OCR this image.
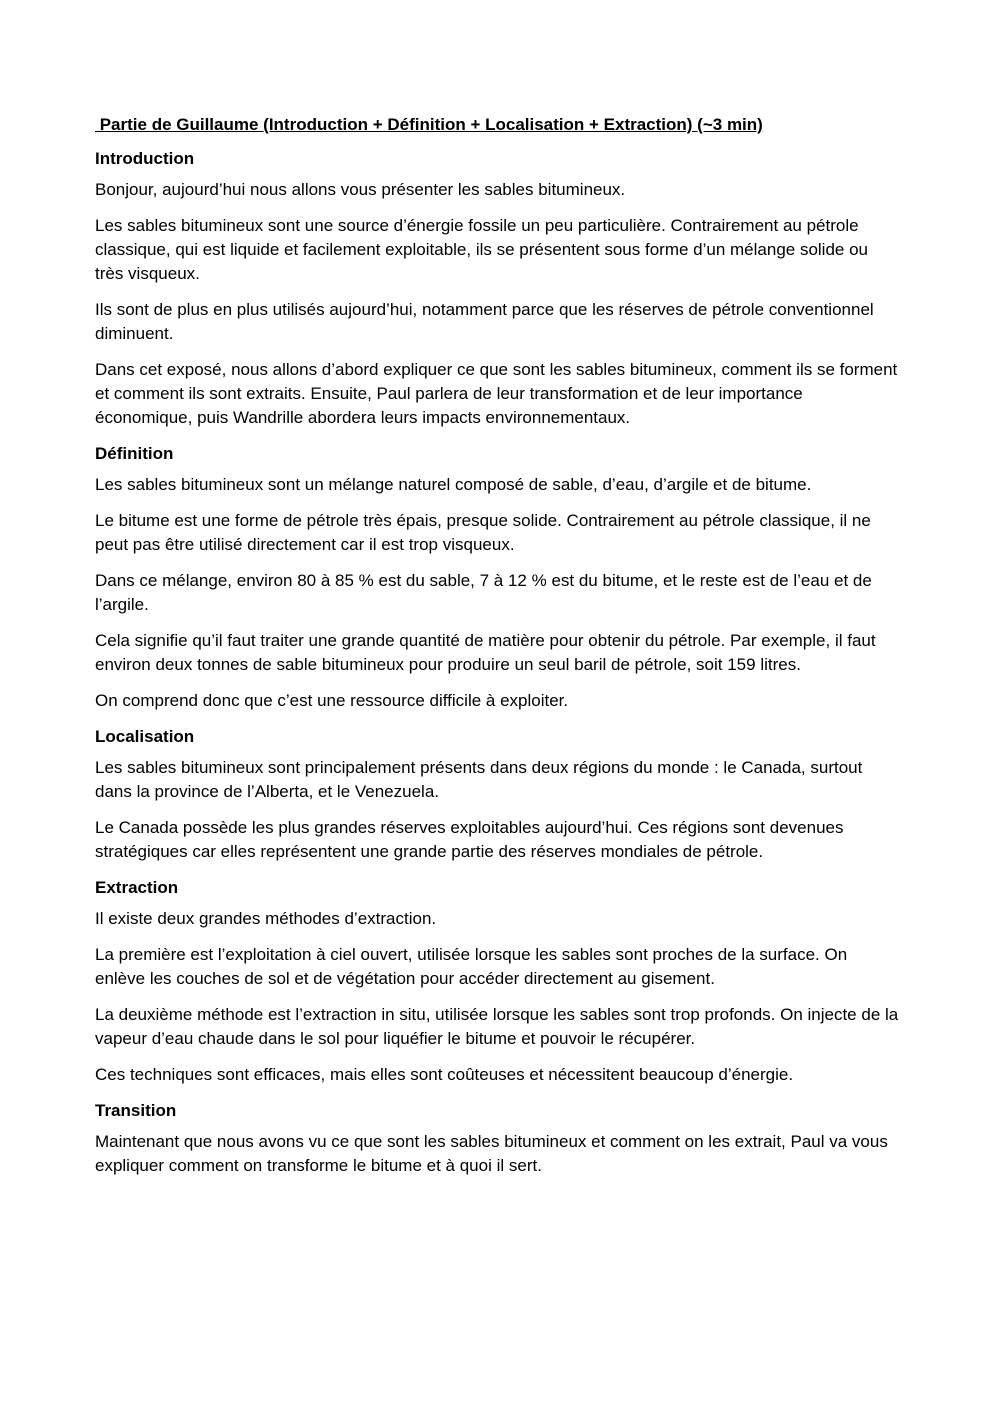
Partie de Guillaume (Introduction + Définition + Localisation + Extraction) (~3 min)
Introduction

Bonjour, aujourd’hui nous allons vous présenter les sables bitumineux.

Les sables bitumineux sont une source d’énergie fossile un peu particulière. Contrairement au pétrole classique, qui est liquide et facilement exploitable, ils se présentent sous forme d’un mélange solide ou très visqueux.

Ils sont de plus en plus utilisés aujourd’hui, notamment parce que les réserves de pétrole conventionnel diminuent.

Dans cet exposé, nous allons d’abord expliquer ce que sont les sables bitumineux, comment ils se forment et comment ils sont extraits. Ensuite, Paul parlera de leur transformation et de leur importance économique, puis Wandrille abordera leurs impacts environnementaux.

Définition

Les sables bitumineux sont un mélange naturel composé de sable, d’eau, d’argile et de bitume.

Le bitume est une forme de pétrole très épais, presque solide. Contrairement au pétrole classique, il ne peut pas être utilisé directement car il est trop visqueux.

Dans ce mélange, environ 80 à 85 % est du sable, 7 à 12 % est du bitume, et le reste est de l’eau et de l’argile.

Cela signifie qu’il faut traiter une grande quantité de matière pour obtenir du pétrole. Par exemple, il faut environ deux tonnes de sable bitumineux pour produire un seul baril de pétrole, soit 159 litres.

On comprend donc que c’est une ressource difficile à exploiter.

Localisation

Les sables bitumineux sont principalement présents dans deux régions du monde : le Canada, surtout dans la province de l’Alberta, et le Venezuela.

Le Canada possède les plus grandes réserves exploitables aujourd’hui. Ces régions sont devenues stratégiques car elles représentent une grande partie des réserves mondiales de pétrole.

Extraction

Il existe deux grandes méthodes d’extraction.

La première est l’exploitation à ciel ouvert, utilisée lorsque les sables sont proches de la surface. On enlève les couches de sol et de végétation pour accéder directement au gisement.

La deuxième méthode est l’extraction in situ, utilisée lorsque les sables sont trop profonds. On injecte de la vapeur d’eau chaude dans le sol pour liquéfier le bitume et pouvoir le récupérer.

Ces techniques sont efficaces, mais elles sont coûteuses et nécessitent beaucoup d’énergie.

Transition

Maintenant que nous avons vu ce que sont les sables bitumineux et comment on les extrait, Paul va vous expliquer comment on transforme le bitume et à quoi il sert.
